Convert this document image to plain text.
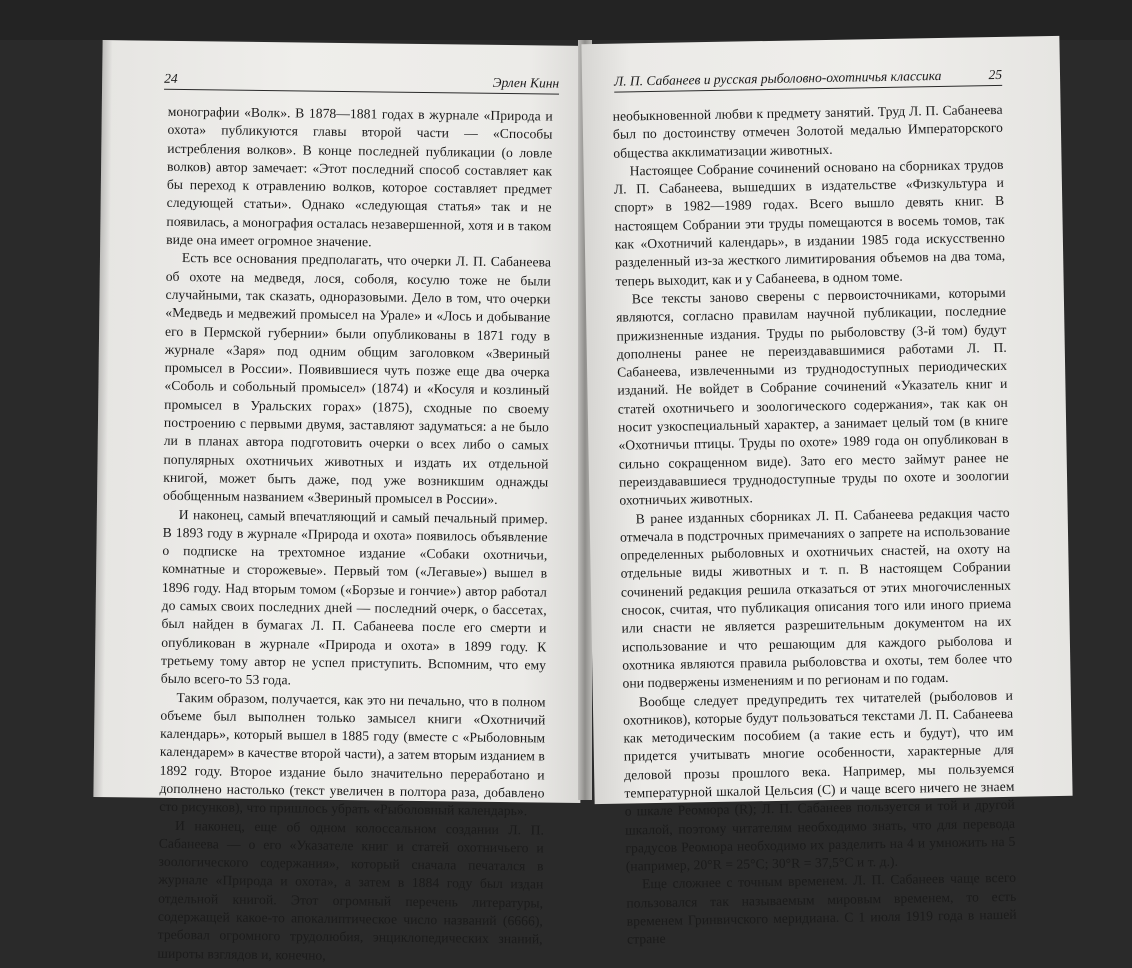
24	Эрлен Кинн

монографии «Волк». В 1878—1881 годах в журнале «Природа и охота» публикуются главы второй части — «Способы истребления волков». В конце последней публикации (о ловле волков) автор замечает: «Этот последний способ составляет как бы переход к отравлению волков, которое составляет предмет следующей статьи». Однако «следующая статья» так и не появилась, а монография осталась незавершенной, хотя и в таком виде она имеет огромное значение.

Есть все основания предполагать, что очерки Л. П. Сабанеева об охоте на медведя, лося, соболя, косулю тоже не были случайными, так сказать, одноразовыми. Дело в том, что очерки «Медведь и медвежий промысел на Урале» и «Лось и добывание его в Пермской губернии» были опубликованы в 1871 году в журнале «Заря» под одним общим заголовком «Звериный промысел в России». Появившиеся чуть позже еще два очерка «Соболь и собольный промысел» (1874) и «Косуля и козлиный промысел в Уральских горах» (1875), сходные по своему построению с первыми двумя, заставляют задуматься: а не было ли в планах автора подготовить очерки о всех либо о самых популярных охотничьих животных и издать их отдельной книгой, может быть даже, под уже возникшим однажды обобщенным названием «Звериный промысел в России».

И наконец, самый впечатляющий и самый печальный пример. В 1893 году в журнале «Природа и охота» появилось объявление о подписке на трехтомное издание «Собаки охотничьи, комнатные и сторожевые». Первый том («Легавые») вышел в 1896 году. Над вторым томом («Борзые и гончие») автор работал до самых своих последних дней — последний очерк, о бассетах, был найден в бумагах Л. П. Сабанеева после его смерти и опубликован в журнале «Природа и охота» в 1899 году. К третьему тому автор не успел приступить. Вспомним, что ему было всего-то 53 года.

Таким образом, получается, как это ни печально, что в полном объеме был выполнен только замысел книги «Охотничий календарь», который вышел в 1885 году (вместе с «Рыболовным календарем» в качестве второй части), а затем вторым изданием в 1892 году. Второе издание было значительно переработано и дополнено настолько (текст увеличен в полтора раза, добавлено сто рисунков), что пришлось убрать «Рыболовный календарь».

И наконец, еще об одном колоссальном создании Л. П. Сабанеева — о его «Указателе книг и статей охотничьего и зоологического содержания», который сначала печатался в журнале «Природа и охота», а затем в 1884 году был издан отдельной книгой. Этот огромный перечень литературы, содержащей какое-то апокалиптическое число названий (6666), требовал огромного трудолюбия, энциклопедических знаний, широты взглядов и, конечно,

Л. П. Сабанеев и русская рыболовно-охотничья классика	25

необыкновенной любви к предмету занятий. Труд Л. П. Сабанеева был по достоинству отмечен Золотой медалью Императорского общества акклиматизации животных.

Настоящее Собрание сочинений основано на сборниках трудов Л. П. Сабанеева, вышедших в издательстве «Физкультура и спорт» в 1982—1989 годах. Всего вышло девять книг. В настоящем Собрании эти труды помещаются в восемь томов, так как «Охотничий календарь», в издании 1985 года искусственно разделенный из-за жесткого лимитирования объемов на два тома, теперь выходит, как и у Сабанеева, в одном томе.

Все тексты заново сверены с первоисточниками, которыми являются, согласно правилам научной публикации, последние прижизненные издания. Труды по рыболовству (3-й том) будут дополнены ранее не переиздававшимися работами Л. П. Сабанеева, извлеченными из труднодоступных периодических изданий. Не войдет в Собрание сочинений «Указатель книг и статей охотничьего и зоологического содержания», так как он носит узкоспециальный характер, а занимает целый том (в книге «Охотничьи птицы. Труды по охоте» 1989 года он опубликован в сильно сокращенном виде). Зато его место займут ранее не переиздававшиеся труднодоступные труды по охоте и зоологии охотничьих животных.

В ранее изданных сборниках Л. П. Сабанеева редакция часто отмечала в подстрочных примечаниях о запрете на использование определенных рыболовных и охотничьих снастей, на охоту на отдельные виды животных и т. п. В настоящем Собрании сочинений редакция решила отказаться от этих многочисленных сносок, считая, что публикация описания того или иного приема или снасти не является разрешительным документом на их использование и что решающим для каждого рыболова и охотника являются правила рыболовства и охоты, тем более что они подвержены изменениям и по регионам и по годам.

Вообще следует предупредить тех читателей (рыболовов и охотников), которые будут пользоваться текстами Л. П. Сабанеева как методическим пособием (а такие есть и будут), что им придется учитывать многие особенности, характерные для деловой прозы прошлого века. Например, мы пользуемся температурной шкалой Цельсия (С) и чаще всего ничего не знаем о шкале Реомюра (R); Л. П. Сабанеев пользуется и той и другой шкалой, поэтому читателям необходимо знать, что для перевода градусов Реомюра необходимо их разделить на 4 и умножить на 5 (например, 20°R = 25°C; 30°R = 37,5°C и т. д.).

Еще сложнее с точным временем. Л. П. Сабанеев чаще всего пользовался так называемым мировым временем, то есть временем Гринвичского меридиана. С 1 июля 1919 года в нашей стране
